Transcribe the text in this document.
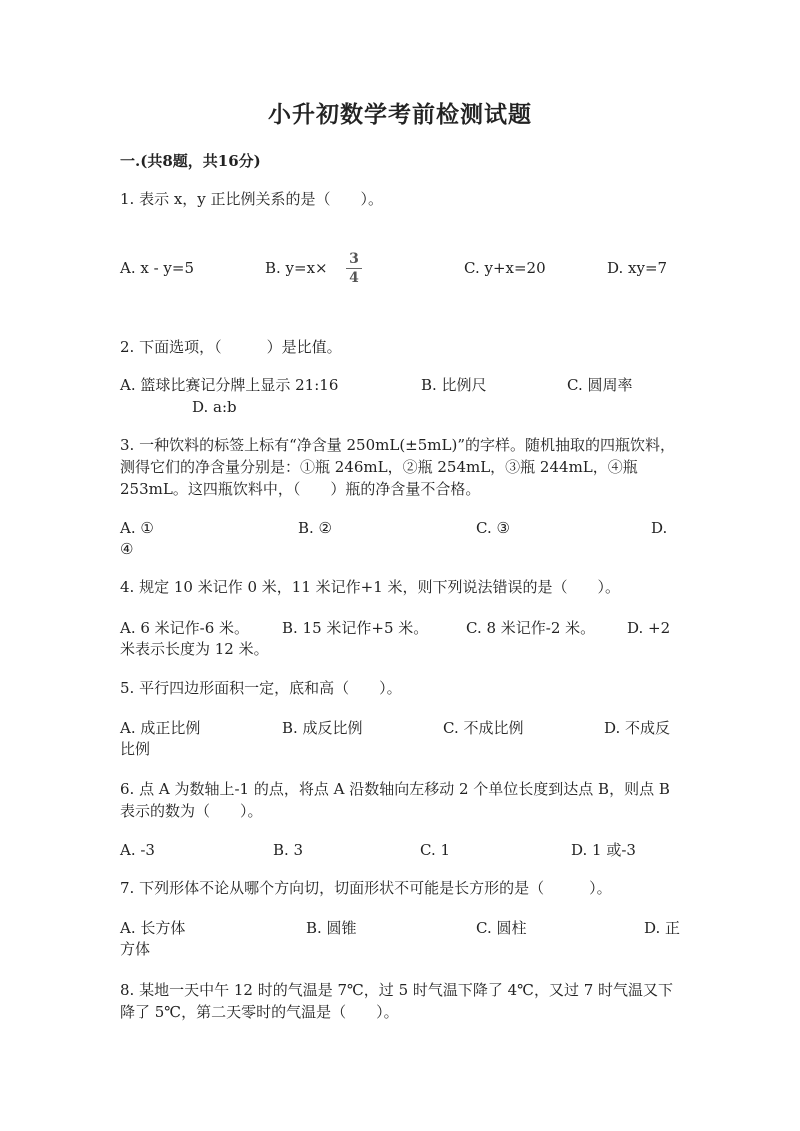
小升初数学考前检测试题
一.(共8题，共16分)
1. 表示 x，y 正比例关系的是（　　）。
A. x - y=5	B. y=x× 3
4
C. y+x=20	D. xy=7
2. 下面选项，（　　　）是比值。
A. 篮球比赛记分牌上显示 21:16	B. 比例尺	C. 圆周率
D. a:b
3. 一种饮料的标签上标有“净含量 250mL(±5mL)”的字样。随机抽取的四瓶饮料，测得它们的净含量分别是：①瓶 246mL，②瓶 254mL，③瓶 244mL，④瓶 253mL。这四瓶饮料中，（　　）瓶的净含量不合格。
A. ①	B. ②	C. ③	D.
④
4. 规定 10 米记作 0 米，11 米记作+1 米，则下列说法错误的是（　　）。
A. 6 米记作-6 米。 B. 15 米记作+5 米。	C. 8 米记作-2 米。 D. +2
米表示长度为 12 米。
5. 平行四边形面积一定，底和高（　　）。
A. 成正比例	B. 成反比例	C. 不成比例	D. 不成反
比例
6. 点 A 为数轴上-1 的点，将点 A 沿数轴向左移动 2 个单位长度到达点 B，则点 B 表示的数为（　　）。
A. -3	B. 3	C. 1	D. 1 或-3
7. 下列形体不论从哪个方向切，切面形状不可能是长方形的是（　　　）。
A. 长方体	B. 圆锥	C. 圆柱	D. 正
方体
8. 某地一天中午 12 时的气温是 7℃，过 5 时气温下降了 4℃，又过 7 时气温又下降了 5℃，第二天零时的气温是（　　）。
